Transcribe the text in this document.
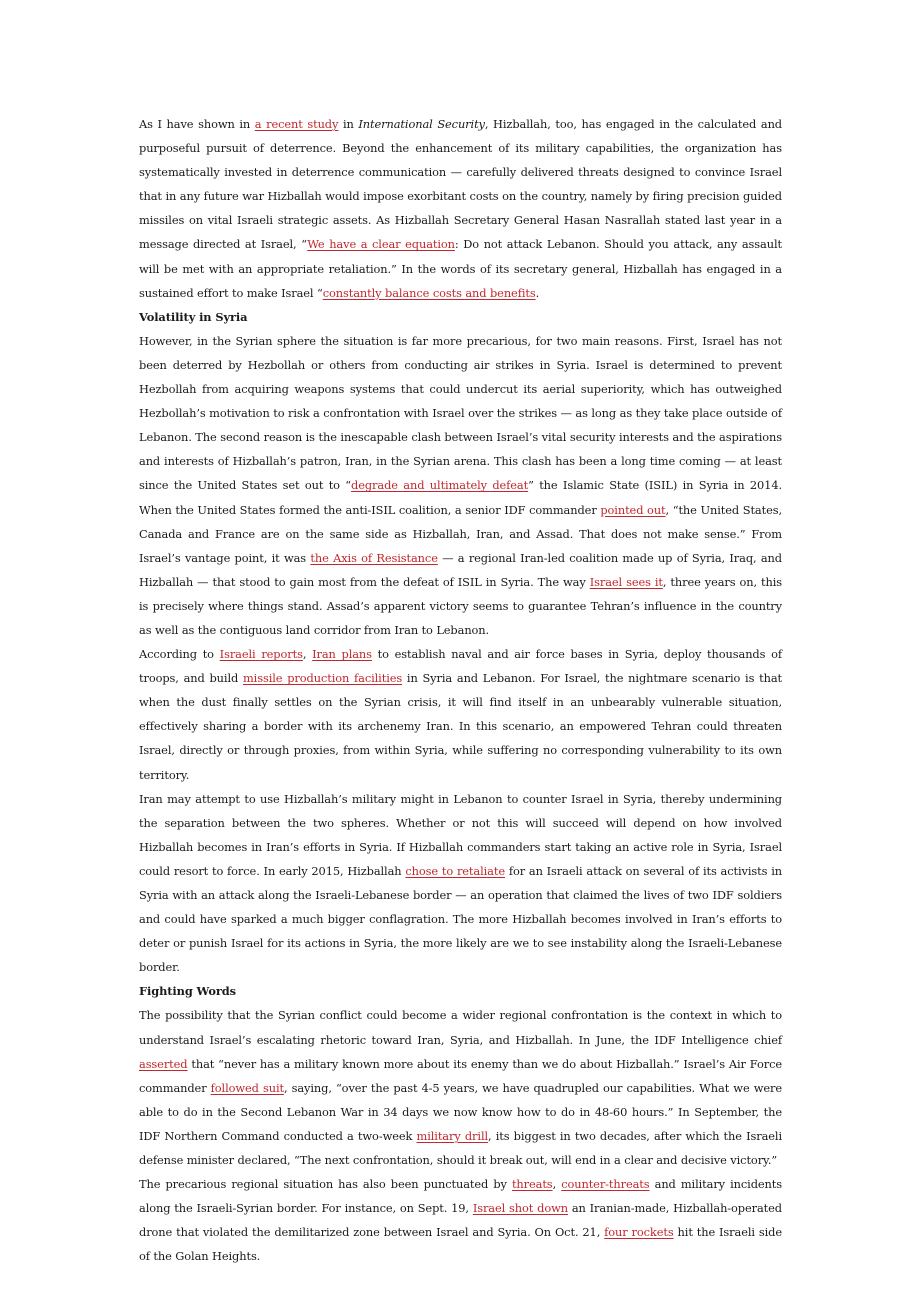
As I have shown in a recent study in International Security, Hizballah, too, has engaged in the calculated and purposeful pursuit of deterrence. Beyond the enhancement of its military capabilities, the organization has systematically invested in deterrence communication — carefully delivered threats designed to convince Israel that in any future war Hizballah would impose exorbitant costs on the country, namely by firing precision guided missiles on vital Israeli strategic assets. As Hizballah Secretary General Hasan Nasrallah stated last year in a message directed at Israel, “We have a clear equation: Do not attack Lebanon. Should you attack, any assault will be met with an appropriate retaliation.” In the words of its secretary general, Hizballah has engaged in a sustained effort to make Israel “constantly balance costs and benefits.

Volatility in Syria

However, in the Syrian sphere the situation is far more precarious, for two main reasons. First, Israel has not been deterred by Hezbollah or others from conducting air strikes in Syria. Israel is determined to prevent Hezbollah from acquiring weapons systems that could undercut its aerial superiority, which has outweighed Hezbollah’s motivation to risk a confrontation with Israel over the strikes — as long as they take place outside of Lebanon. The second reason is the inescapable clash between Israel’s vital security interests and the aspirations and interests of Hizballah’s patron, Iran, in the Syrian arena. This clash has been a long time coming — at least since the United States set out to “degrade and ultimately defeat” the Islamic State (ISIL) in Syria in 2014. When the United States formed the anti-ISIL coalition, a senior IDF commander pointed out, “the United States, Canada and France are on the same side as Hizballah, Iran, and Assad. That does not make sense.” From Israel’s vantage point, it was the Axis of Resistance — a regional Iran-led coalition made up of Syria, Iraq, and Hizballah — that stood to gain most from the defeat of ISIL in Syria. The way Israel sees it, three years on, this is precisely where things stand. Assad’s apparent victory seems to guarantee Tehran’s influence in the country as well as the contiguous land corridor from Iran to Lebanon.

According to Israeli reports, Iran plans to establish naval and air force bases in Syria, deploy thousands of troops, and build missile production facilities in Syria and Lebanon. For Israel, the nightmare scenario is that when the dust finally settles on the Syrian crisis, it will find itself in an unbearably vulnerable situation, effectively sharing a border with its archenemy Iran. In this scenario, an empowered Tehran could threaten Israel, directly or through proxies, from within Syria, while suffering no corresponding vulnerability to its own territory.

Iran may attempt to use Hizballah’s military might in Lebanon to counter Israel in Syria, thereby undermining the separation between the two spheres. Whether or not this will succeed will depend on how involved Hizballah becomes in Iran’s efforts in Syria. If Hizballah commanders start taking an active role in Syria, Israel could resort to force. In early 2015, Hizballah chose to retaliate for an Israeli attack on several of its activists in Syria with an attack along the Israeli-Lebanese border — an operation that claimed the lives of two IDF soldiers and could have sparked a much bigger conflagration. The more Hizballah becomes involved in Iran’s efforts to deter or punish Israel for its actions in Syria, the more likely are we to see instability along the Israeli-Lebanese border.

Fighting Words

The possibility that the Syrian conflict could become a wider regional confrontation is the context in which to understand Israel’s escalating rhetoric toward Iran, Syria, and Hizballah. In June, the IDF Intelligence chief asserted that “never has a military known more about its enemy than we do about Hizballah.” Israel’s Air Force commander followed suit, saying, “over the past 4-5 years, we have quadrupled our capabilities. What we were able to do in the Second Lebanon War in 34 days we now know how to do in 48-60 hours.” In September, the IDF Northern Command conducted a two-week military drill, its biggest in two decades, after which the Israeli defense minister declared, “The next confrontation, should it break out, will end in a clear and decisive victory.”

The precarious regional situation has also been punctuated by threats, counter-threats and military incidents along the Israeli-Syrian border. For instance, on Sept. 19, Israel shot down an Iranian-made, Hizballah-operated drone that violated the demilitarized zone between Israel and Syria. On Oct. 21, four rockets hit the Israeli side of the Golan Heights.
